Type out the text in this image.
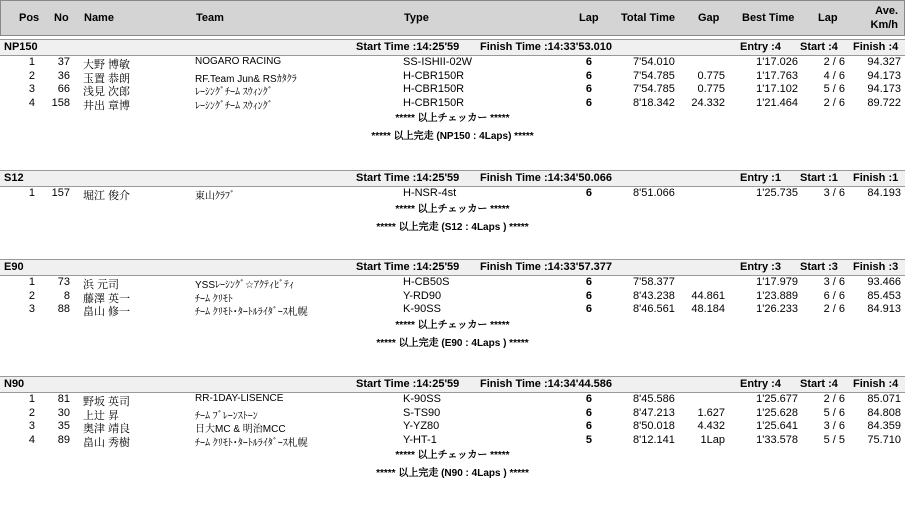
Pos No Name	Team	Type	Lap Total Time Gap Best Time Lap
Ave.
Km/h
NP150	Start Time :14:25'59 Finish Time :14:33'53.010	Entry :4 Start :4 Finish :4
1 37 大野 博敏	NOGARO RACING	SS-ISHII-02W	6	7'54.010	1'17.026 2 / 6 94.327
2 36 玉置 恭朗	RF.Team Jun& RSｶﾀｸﾗ	H-CBR150R	6	7'54.785 0.775	1'17.763 4 / 6 94.173
3 66 浅見 次郎	ﾚｰｼﾝｸﾞﾁｰﾑ ｽｳｨﾝｸﾞ	H-CBR150R	6	7'54.785 0.775	1'17.102 5 / 6 94.173
4 158 井出 章博	ﾚｰｼﾝｸﾞﾁｰﾑ ｽｳｨﾝｸﾞ	H-CBR150R	6	8'18.342 24.332	1'21.464 2 / 6 89.722
***** 以上チェッカー *****
***** 以上完走 (NP150 : 4Laps) *****
S12	Start Time :14:25'59 Finish Time :14:34'50.066	Entry :1 Start :1 Finish :1
1 157 堀江 俊介	東山ｸﾗﾌﾞ	H-NSR-4st	6	8'51.066	1'25.735 3 / 6 84.193
***** 以上チェッカー *****
***** 以上完走 (S12 : 4Laps ) *****
E90	Start Time :14:25'59 Finish Time :14:33'57.377	Entry :3 Start :3 Finish :3
1 73 浜 元司	YSSﾚｰｼﾝｸﾞ☆ｱｸﾃｨﾋﾞﾃｨ	H-CB50S	6	7'58.377	1'17.979 3 / 6 93.466
2	8 藤澤 英一	ﾁｰﾑ ｸﾘﾓﾄ	Y-RD90	6	8'43.238 44.861	1'23.889 6 / 6 85.453
3 88 畠山 修一	ﾁｰﾑ ｸﾘﾓﾄ･ﾀｰﾄﾙﾗｲﾀﾞｰｽ札幌	K-90SS	6	8'46.561 48.184	1'26.233 2 / 6 84.913
***** 以上チェッカー *****
***** 以上完走 (E90 : 4Laps ) *****
N90	Start Time :14:25'59 Finish Time :14:34'44.586	Entry :4 Start :4 Finish :4
1 81 野坂 英司	RR-1DAY-LISENCE	K-90SS	6	8'45.586	1'25.677 2 / 6 85.071
2 30 上辻 昇	ﾁｰﾑ ﾌﾞﾚｰﾝｽﾄｰﾝ	S-TS90	6	8'47.213 1.627	1'25.628 5 / 6 84.808
3 35 奥津 靖良	日大MC & 明治MCC	Y-YZ80	6	8'50.018 4.432	1'25.641 3 / 6 84.359
4 89 畠山 秀樹	ﾁｰﾑ ｸﾘﾓﾄ･ﾀｰﾄﾙﾗｲﾀﾞｰｽ札幌	Y-HT-1	5	8'12.141 1Lap	1'33.578 5 / 5 75.710
***** 以上チェッカー *****
***** 以上完走 (N90 : 4Laps ) *****
